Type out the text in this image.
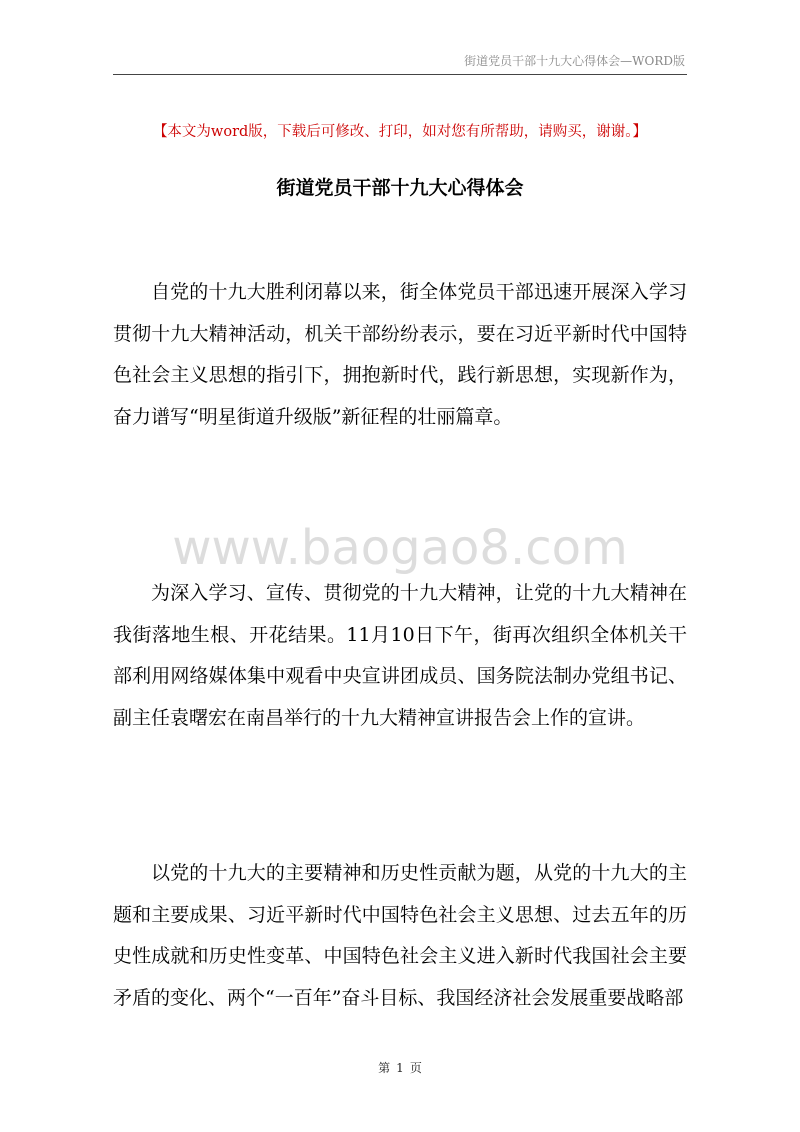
街道党员干部十九大心得体会—WORD版
【本文为word版，下载后可修改、打印，如对您有所帮助，请购买，谢谢。】
街道党员干部十九大心得体会
www.baogao8.com

自党的十九大胜利闭幕以来，街全体党员干部迅速开展深入学习贯彻十九大精神活动，机关干部纷纷表示，要在习近平新时代中国特色社会主义思想的指引下，拥抱新时代，践行新思想，实现新作为，奋力谱写“明星街道升级版”新征程的壮丽篇章。

为深入学习、宣传、贯彻党的十九大精神，让党的十九大精神在我街落地生根、开花结果。11月10日下午，街再次组织全体机关干部利用网络媒体集中观看中央宣讲团成员、国务院法制办党组书记、副主任袁曙宏在南昌举行的十九大精神宣讲报告会上作的宣讲。

以党的十九大的主要精神和历史性贡献为题，从党的十九大的主题和主要成果、习近平新时代中国特色社会主义思想、过去五年的历史性成就和历史性变革、中国特色社会主义进入新时代我国社会主要矛盾的变化、两个“一百年”奋斗目标、我国经济社会发展重要战略部

第 1 页
